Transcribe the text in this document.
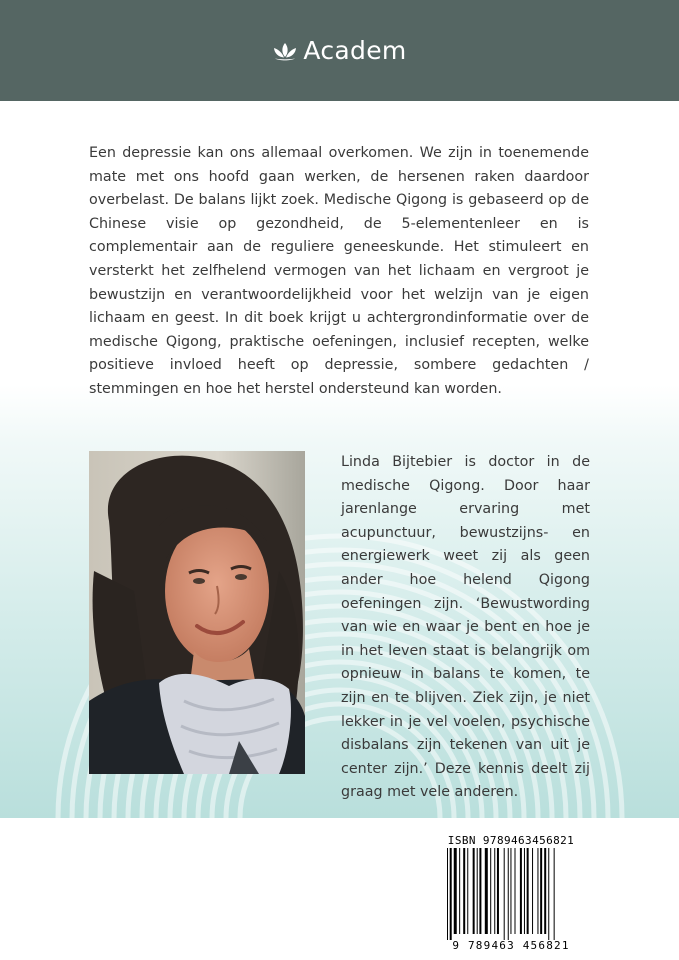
Academ

Een depressie kan ons allemaal overkomen. We zijn in toenemende mate met ons hoofd gaan werken, de hersenen raken daardoor overbelast. De balans lijkt zoek. Medische Qigong is gebaseerd op de Chinese visie op gezondheid, de 5-elementenleer en is complementair aan de reguliere geneeskunde. Het stimuleert en versterkt het zelfhelend vermogen van het lichaam en vergroot je bewustzijn en verantwoordelijkheid voor het welzijn van je eigen lichaam en geest. In dit boek krijgt u achtergrondinformatie over de medische Qigong, praktische oefeningen, inclusief recepten, welke positieve invloed heeft op depressie, sombere gedachten / stemmingen en hoe het herstel ondersteund kan worden.

Linda Bijtebier is doctor in de medische Qigong. Door haar jarenlange ervaring met acupunctuur, bewustzijns- en energiewerk weet zij als geen ander hoe helend Qigong oefeningen zijn. ‘Bewustwording van wie en waar je bent en hoe je in het leven staat is belangrijk om opnieuw in balans te komen, te zijn en te blijven. Ziek zijn, je niet lekker in je vel voelen, psychische disbalans zijn tekenen van uit je center zijn.’ Deze kennis deelt zij graag met vele anderen.

ISBN 9789463456821
9 789463 456821
